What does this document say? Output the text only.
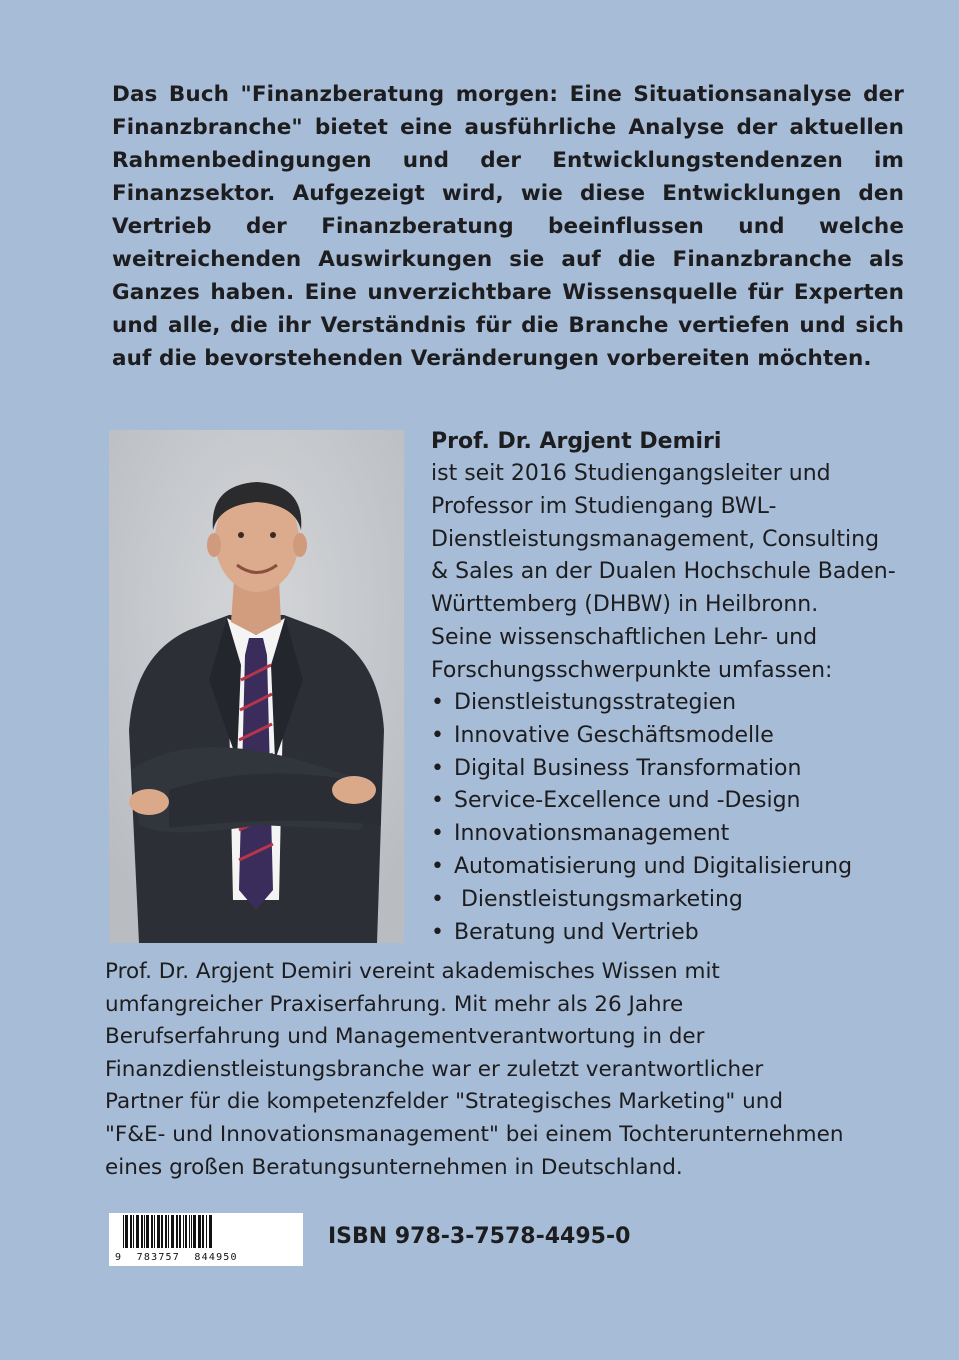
Das Buch "Finanzberatung morgen: Eine Situationsanalyse der Finanzbranche" bietet eine ausführliche Analyse der aktuellen Rahmenbedingungen und der Entwicklungstendenzen im Finanzsektor. Aufgezeigt wird, wie diese Entwicklungen den Vertrieb der Finanzberatung beeinflussen und welche weitreichenden Auswirkungen sie auf die Finanzbranche als Ganzes haben. Eine unverzichtbare Wissensquelle für Experten und alle, die ihr Verständnis für die Branche vertiefen und sich auf die bevorstehenden Veränderungen vorbereiten möchten.

Prof. Dr. Argjent Demiri

ist seit 2016 Studiengangsleiter und
Professor im Studiengang BWL-
Dienstleistungsmanagement, Consulting
& Sales an der Dualen Hochschule Baden-
Württemberg (DHBW) in Heilbronn.
Seine wissenschaftlichen Lehr- und
Forschungsschwerpunkte umfassen:

• Dienstleistungsstrategien
• Innovative Geschäftsmodelle
• Digital Business Transformation
• Service-Excellence und -Design
• Innovationsmanagement
• Automatisierung und Digitalisierung
• Dienstleistungsmarketing
• Beratung und Vertrieb

Prof. Dr. Argjent Demiri vereint akademisches Wissen mit
umfangreicher Praxiserfahrung. Mit mehr als 26 Jahre
Berufserfahrung und Managementverantwortung in der
Finanzdienstleistungsbranche war er zuletzt verantwortlicher
Partner für die kompetenzfelder "Strategisches Marketing" und
"F&E- und Innovationsmanagement" bei einem Tochterunternehmen
eines großen Beratungsunternehmen in Deutschland.

9  783757  844950

ISBN 978-3-7578-4495-0
